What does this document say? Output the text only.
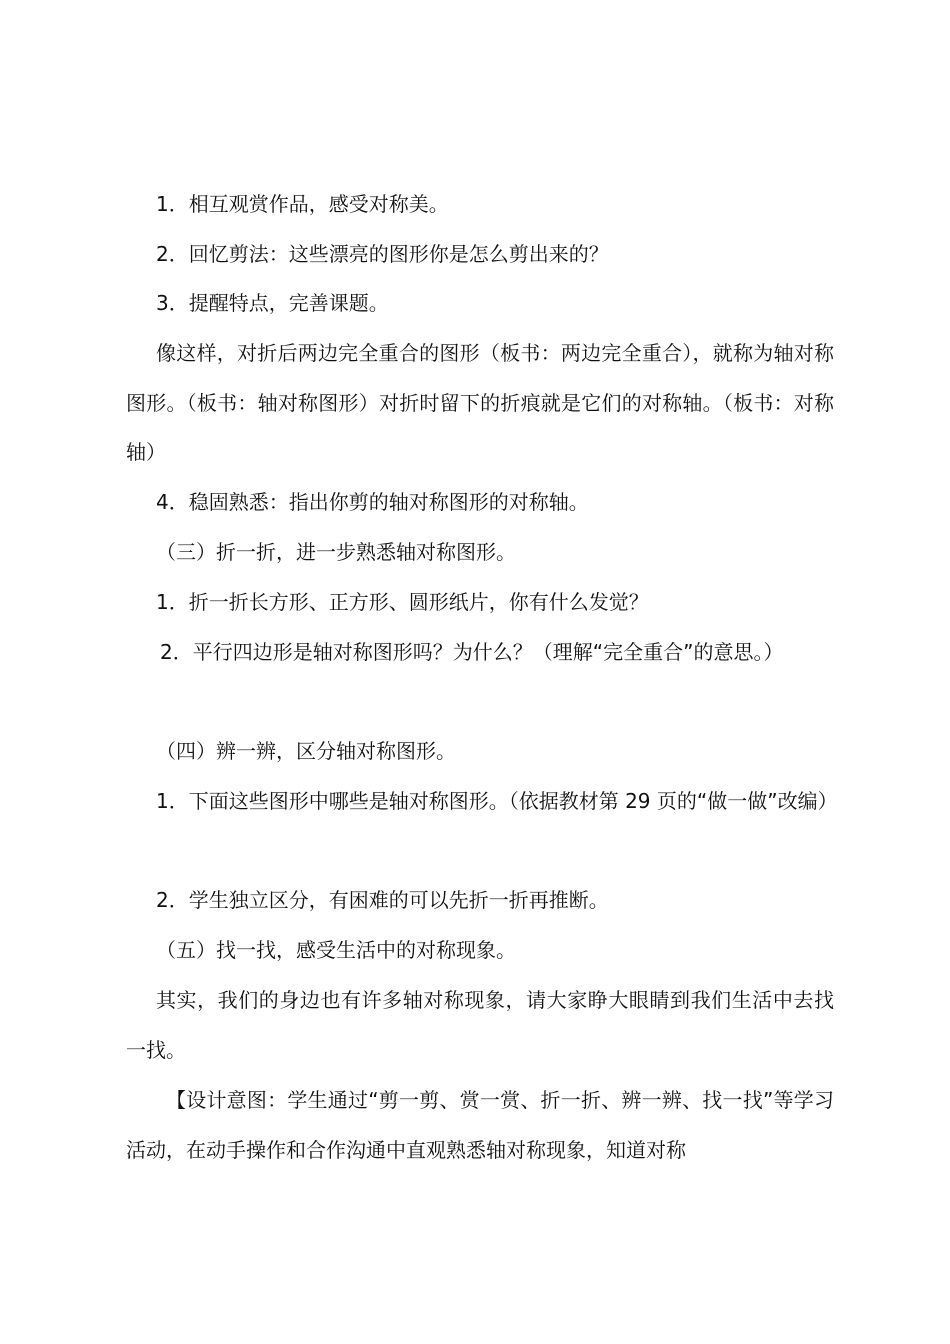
1．相互观赏作品，感受对称美。

2．回忆剪法：这些漂亮的图形你是怎么剪出来的？

3．提醒特点，完善课题。

像这样，对折后两边完全重合的图形（板书：两边完全重合），就称为轴对称图形。（板书：轴对称图形）对折时留下的折痕就是它们的对称轴。（板书：对称轴）

4．稳固熟悉：指出你剪的轴对称图形的对称轴。

（三）折一折，进一步熟悉轴对称图形。

1．折一折长方形、正方形、圆形纸片，你有什么发觉？

2．平行四边形是轴对称图形吗？为什么？（理解“完全重合”的意思。）

（四）辨一辨，区分轴对称图形。

1．下面这些图形中哪些是轴对称图形。（依据教材第 29 页的“做一做”改编）

2．学生独立区分，有困难的可以先折一折再推断。

（五）找一找，感受生活中的对称现象。

其实，我们的身边也有许多轴对称现象，请大家睁大眼睛到我们生活中去找一找。

【设计意图：学生通过“剪一剪、赏一赏、折一折、辨一辨、找一找”等学习活动，在动手操作和合作沟通中直观熟悉轴对称现象，知道对称
